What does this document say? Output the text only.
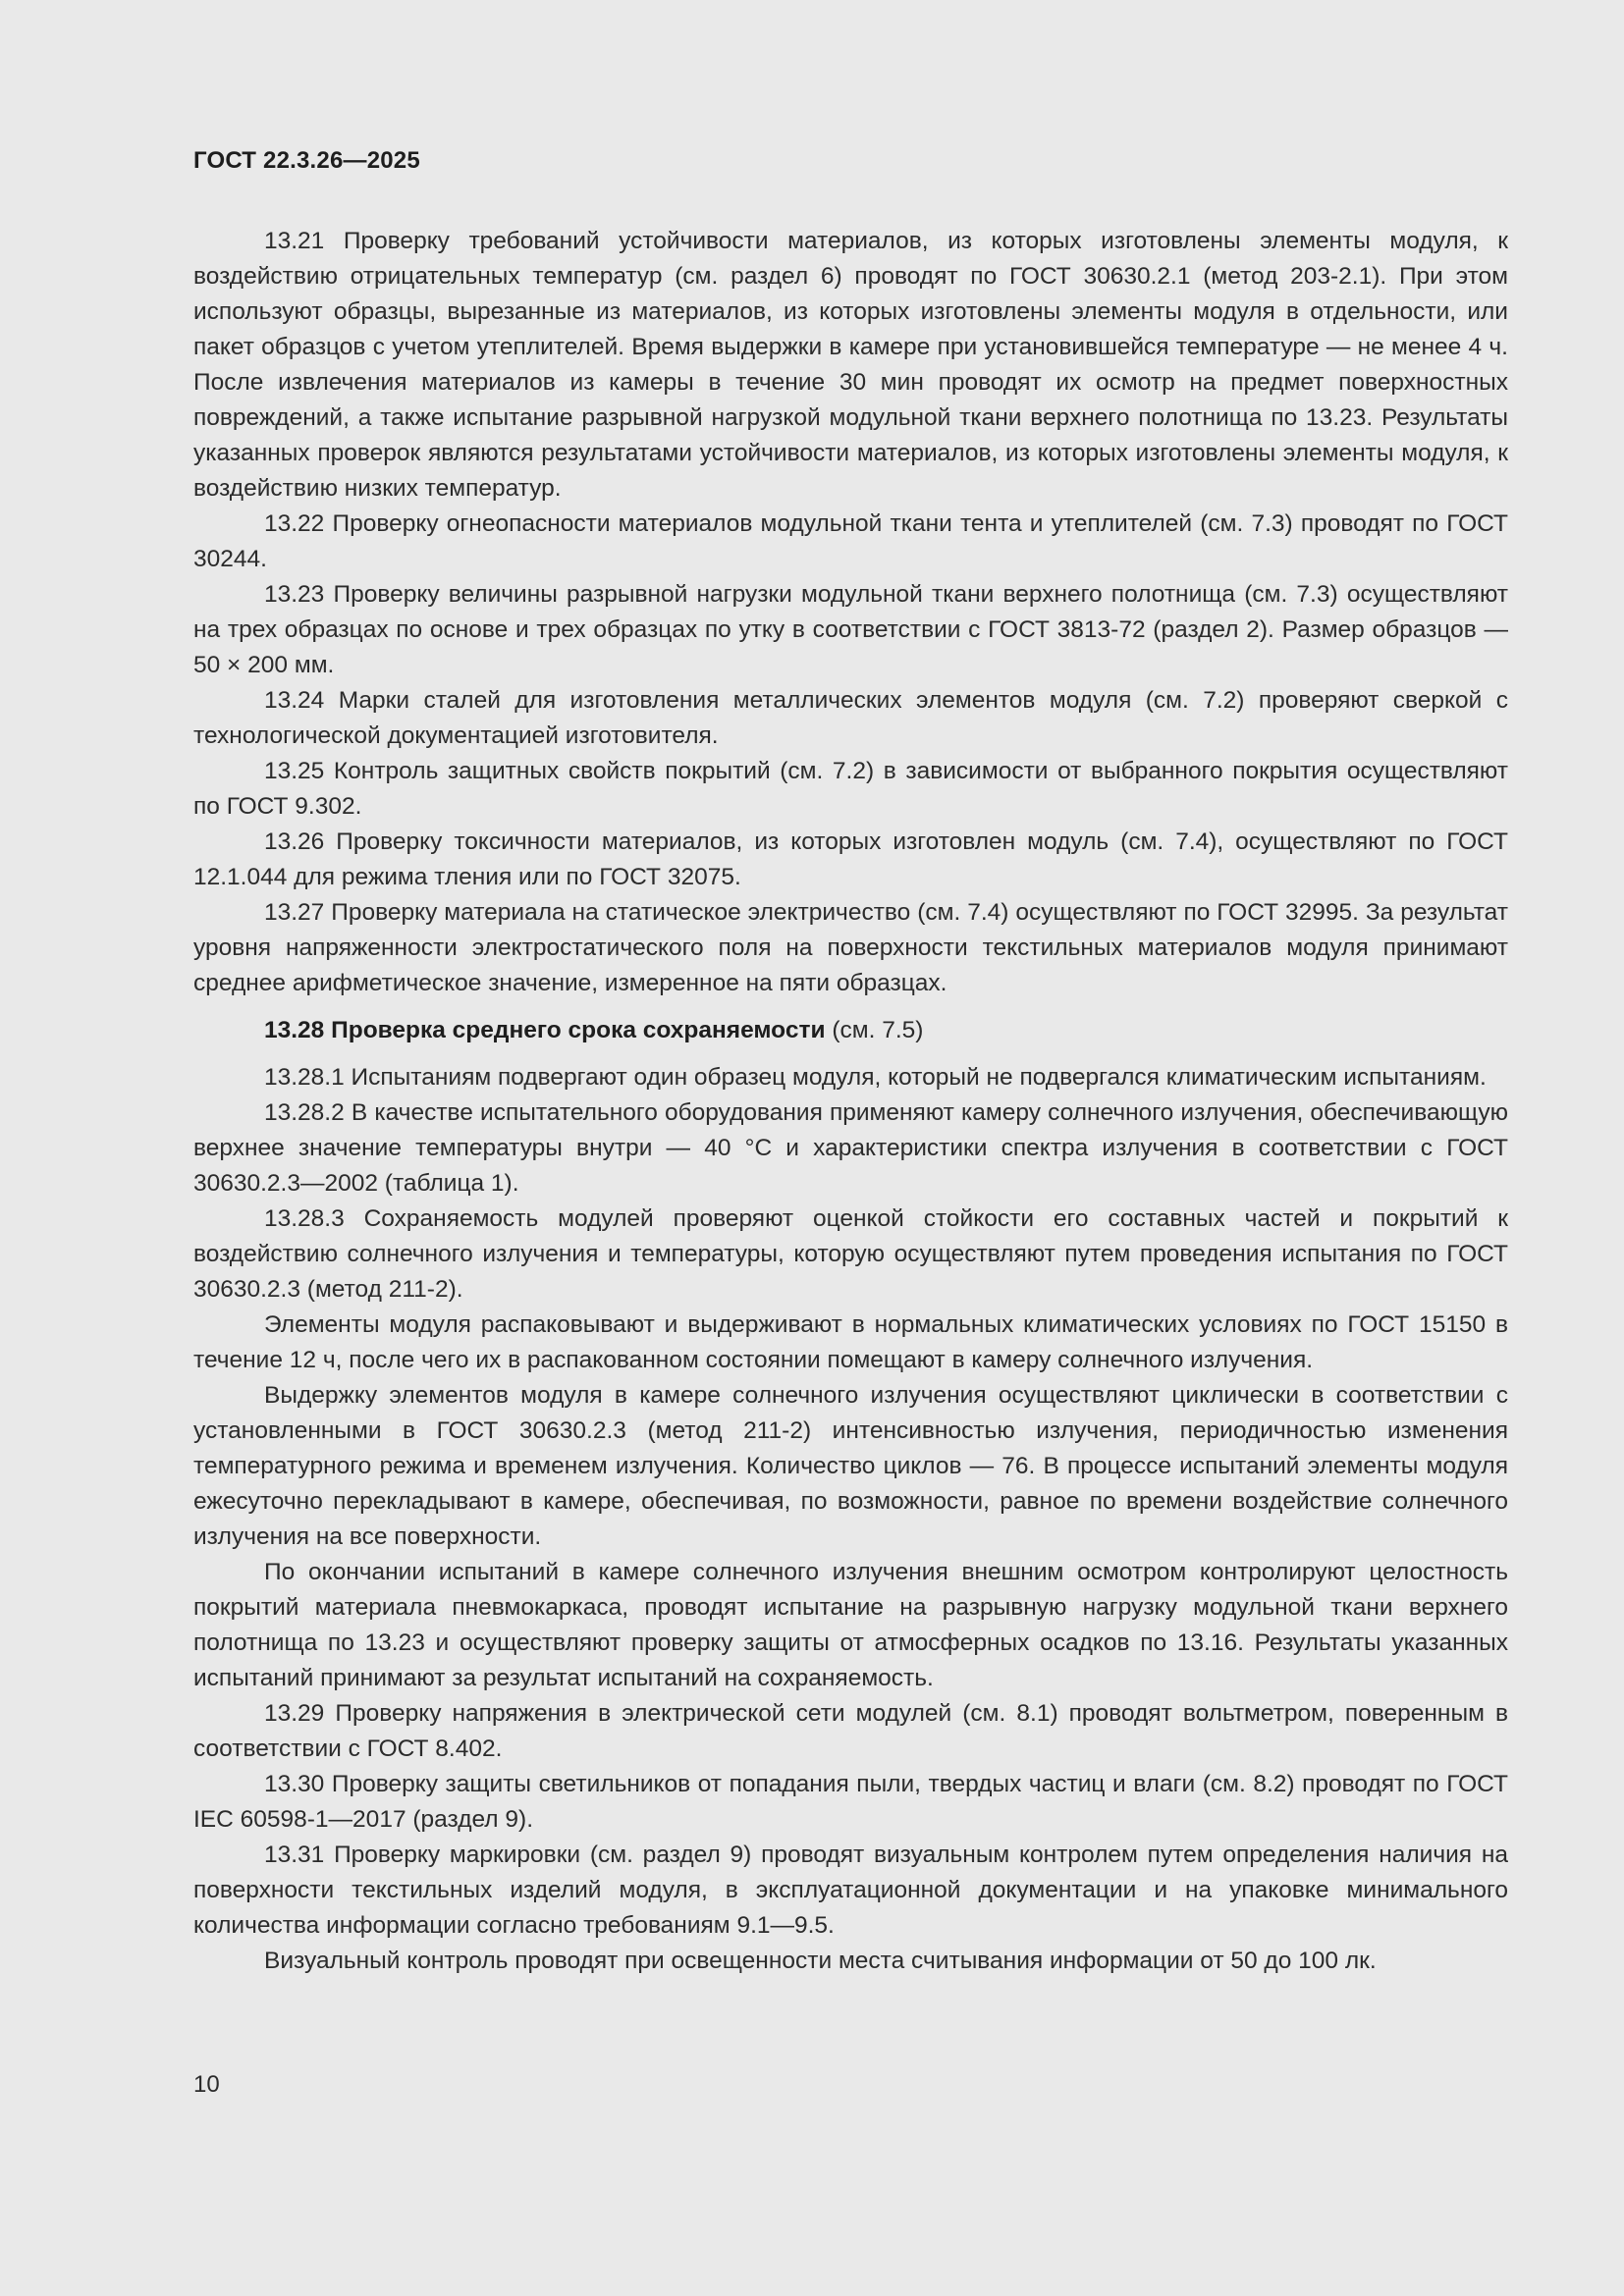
ГОСТ 22.3.26—2025

13.21 Проверку требований устойчивости материалов, из которых изготовлены элементы модуля, к воздействию отрицательных температур (см. раздел 6) проводят по ГОСТ 30630.2.1 (метод 203-2.1). При этом используют образцы, вырезанные из материалов, из которых изготовлены элементы модуля в отдельности, или пакет образцов с учетом утеплителей. Время выдержки в камере при установившейся температуре — не менее 4 ч. После извлечения материалов из камеры в течение 30 мин проводят их осмотр на предмет поверхностных повреждений, а также испытание разрывной нагрузкой модульной ткани верхнего полотнища по 13.23. Результаты указанных проверок являются результатами устойчивости материалов, из которых изготовлены элементы модуля, к воздействию низких температур.

13.22 Проверку огнеопасности материалов модульной ткани тента и утеплителей (см. 7.3) проводят по ГОСТ 30244.

13.23 Проверку величины разрывной нагрузки модульной ткани верхнего полотнища (см. 7.3) осуществляют на трех образцах по основе и трех образцах по утку в соответствии с ГОСТ 3813-72 (раздел 2). Размер образцов — 50 × 200 мм.

13.24 Марки сталей для изготовления металлических элементов модуля (см. 7.2) проверяют сверкой с технологической документацией изготовителя.

13.25 Контроль защитных свойств покрытий (см. 7.2) в зависимости от выбранного покрытия осуществляют по ГОСТ 9.302.

13.26 Проверку токсичности материалов, из которых изготовлен модуль (см. 7.4), осуществляют по ГОСТ 12.1.044 для режима тления или по ГОСТ 32075.

13.27 Проверку материала на статическое электричество (см. 7.4) осуществляют по ГОСТ 32995. За результат уровня напряженности электростатического поля на поверхности текстильных материалов модуля принимают среднее арифметическое значение, измеренное на пяти образцах.

13.28 Проверка среднего срока сохраняемости (см. 7.5)

13.28.1 Испытаниям подвергают один образец модуля, который не подвергался климатическим испытаниям.

13.28.2 В качестве испытательного оборудования применяют камеру солнечного излучения, обеспечивающую верхнее значение температуры внутри — 40 °С и характеристики спектра излучения в соответствии с ГОСТ 30630.2.3—2002 (таблица 1).

13.28.3 Сохраняемость модулей проверяют оценкой стойкости его составных частей и покрытий к воздействию солнечного излучения и температуры, которую осуществляют путем проведения испытания по ГОСТ 30630.2.3 (метод 211-2).

Элементы модуля распаковывают и выдерживают в нормальных климатических условиях по ГОСТ 15150 в течение 12 ч, после чего их в распакованном состоянии помещают в камеру солнечного излучения.

Выдержку элементов модуля в камере солнечного излучения осуществляют циклически в соответствии с установленными в ГОСТ 30630.2.3 (метод 211-2) интенсивностью излучения, периодичностью изменения температурного режима и временем излучения. Количество циклов — 76. В процессе испытаний элементы модуля ежесуточно перекладывают в камере, обеспечивая, по возможности, равное по времени воздействие солнечного излучения на все поверхности.

По окончании испытаний в камере солнечного излучения внешним осмотром контролируют целостность покрытий материала пневмокаркаса, проводят испытание на разрывную нагрузку модульной ткани верхнего полотнища по 13.23 и осуществляют проверку защиты от атмосферных осадков по 13.16. Результаты указанных испытаний принимают за результат испытаний на сохраняемость.

13.29 Проверку напряжения в электрической сети модулей (см. 8.1) проводят вольтметром, поверенным в соответствии с ГОСТ 8.402.

13.30 Проверку защиты светильников от попадания пыли, твердых частиц и влаги (см. 8.2) проводят по ГОСТ IEC 60598-1—2017 (раздел 9).

13.31 Проверку маркировки (см. раздел 9) проводят визуальным контролем путем определения наличия на поверхности текстильных изделий модуля, в эксплуатационной документации и на упаковке минимального количества информации согласно требованиям 9.1—9.5.

Визуальный контроль проводят при освещенности места считывания информации от 50 до 100 лк.

10
